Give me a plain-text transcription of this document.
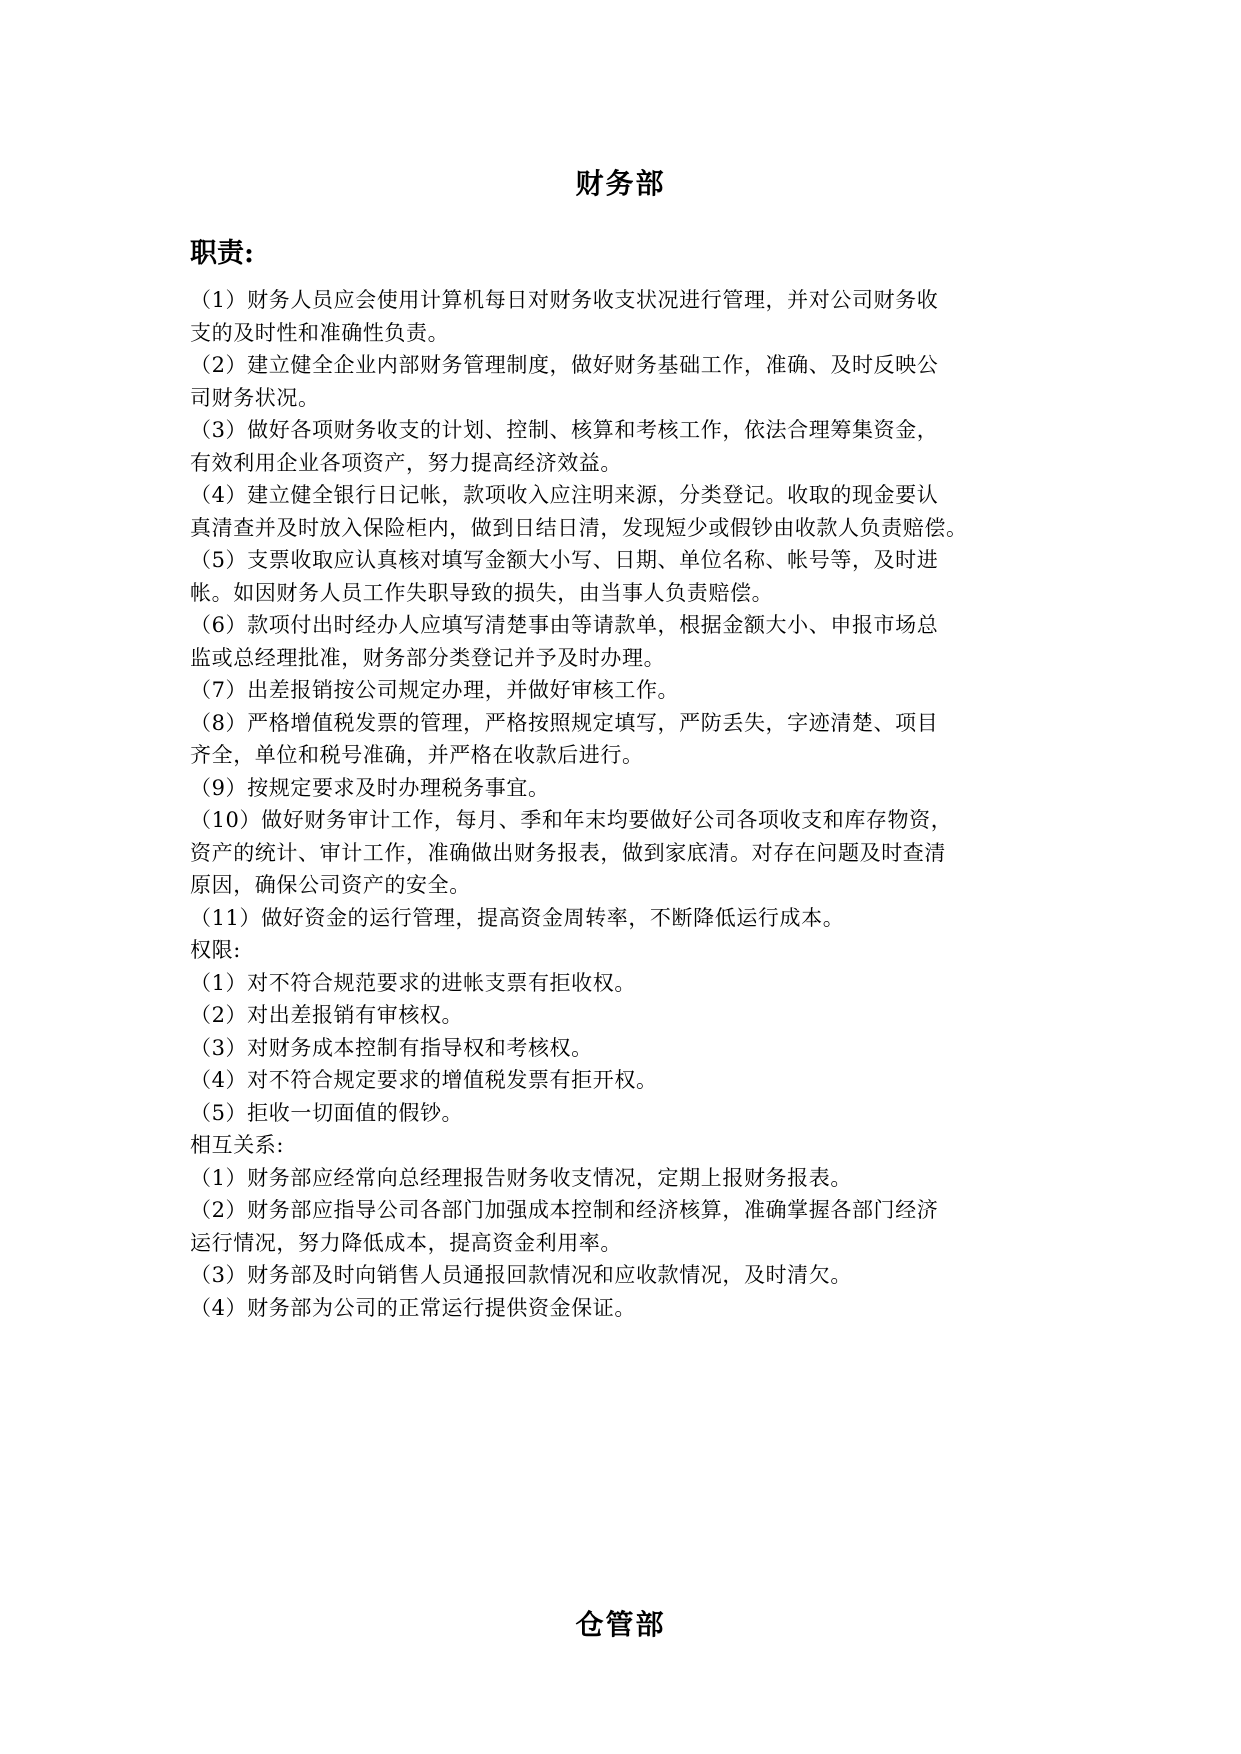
财务部
职责:
（1）财务人员应会使用计算机每日对财务收支状况进行管理，并对公司财务收
支的及时性和准确性负责。
（2）建立健全企业内部财务管理制度，做好财务基础工作，准确、及时反映公
司财务状况。
（3）做好各项财务收支的计划、控制、核算和考核工作，依法合理筹集资金，
有效利用企业各项资产，努力提高经济效益。
（4）建立健全银行日记帐，款项收入应注明来源，分类登记。收取的现金要认
真清查并及时放入保险柜内，做到日结日清，发现短少或假钞由收款人负责赔偿。
（5）支票收取应认真核对填写金额大小写、日期、单位名称、帐号等，及时进
帐。如因财务人员工作失职导致的损失，由当事人负责赔偿。
（6）款项付出时经办人应填写清楚事由等请款单，根据金额大小、申报市场总
监或总经理批准，财务部分类登记并予及时办理。
（7）出差报销按公司规定办理，并做好审核工作。
（8）严格增值税发票的管理，严格按照规定填写，严防丢失，字迹清楚、项目
齐全，单位和税号准确，并严格在收款后进行。
（9）按规定要求及时办理税务事宜。
（10）做好财务审计工作，每月、季和年末均要做好公司各项收支和库存物资，
资产的统计、审计工作，准确做出财务报表，做到家底清。对存在问题及时查清
原因，确保公司资产的安全。
（11）做好资金的运行管理，提高资金周转率，不断降低运行成本。
权限:
（1）对不符合规范要求的进帐支票有拒收权。
（2）对出差报销有审核权。
（3）对财务成本控制有指导权和考核权。
（4）对不符合规定要求的增值税发票有拒开权。
（5）拒收一切面值的假钞。
相互关系:
（1）财务部应经常向总经理报告财务收支情况，定期上报财务报表。
（2）财务部应指导公司各部门加强成本控制和经济核算，准确掌握各部门经济
运行情况，努力降低成本，提高资金利用率。
（3）财务部及时向销售人员通报回款情况和应收款情况，及时清欠。
（4）财务部为公司的正常运行提供资金保证。
仓管部
